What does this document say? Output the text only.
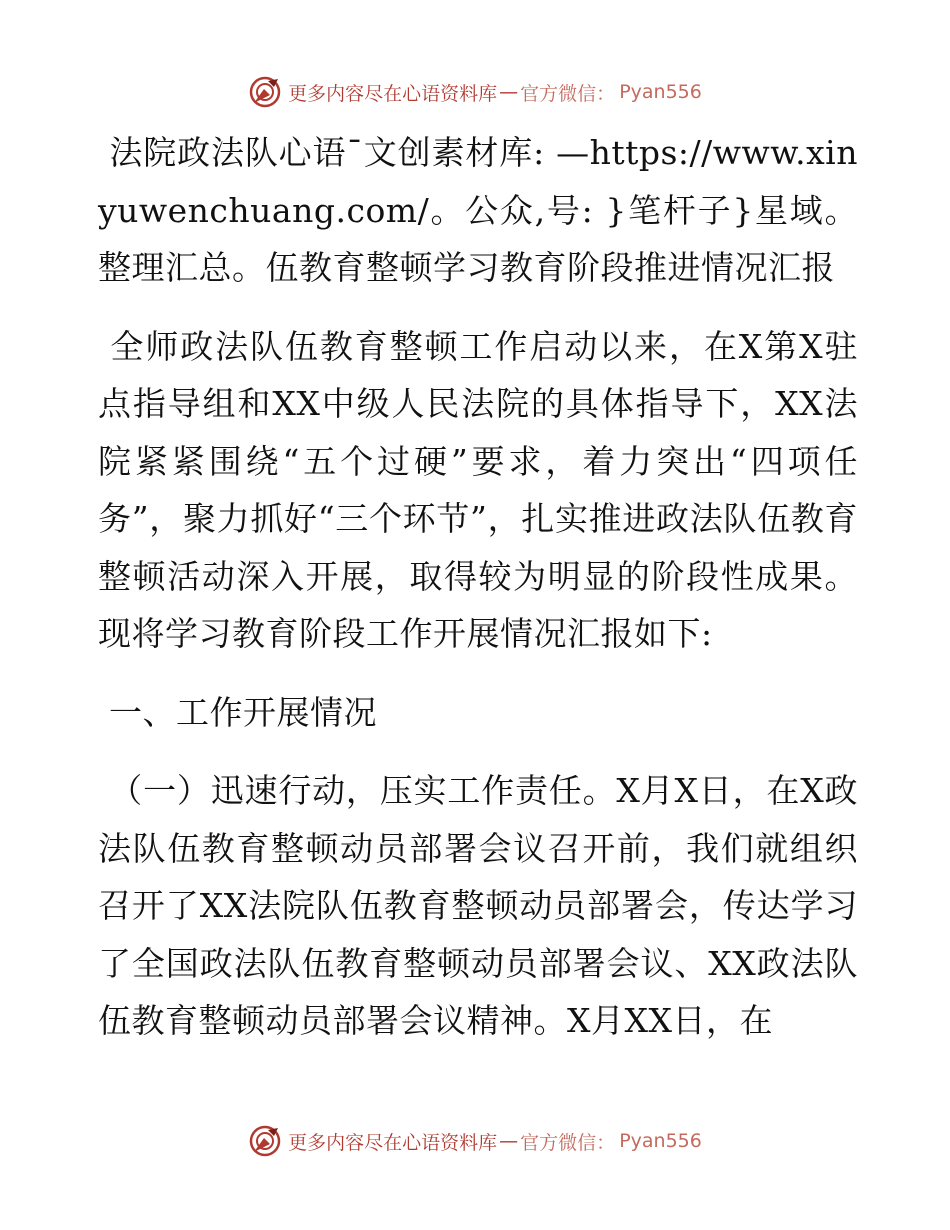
更多内容尽在心语资料库 — 官方微信： Pyan556

法院政法队心语¯文创素材库: —https://www.xinyuwenchuang.com/。公众,号: }笔杆子}星域。整理汇总。伍教育整顿学习教育阶段推进情况汇报

全师政法队伍教育整顿工作启动以来，在X第X驻点指导组和XX中级人民法院的具体指导下，XX法院紧紧围绕“五个过硬”要求，着力突出“四项任务”，聚力抓好“三个环节”，扎实推进政法队伍教育整顿活动深入开展，取得较为明显的阶段性成果。现将学习教育阶段工作开展情况汇报如下:

一、工作开展情况

（一）迅速行动，压实工作责任。X月X日，在X政法队伍教育整顿动员部署会议召开前，我们就组织召开了XX法院队伍教育整顿动员部署会，传达学习了全国政法队伍教育整顿动员部署会议、XX政法队伍教育整顿动员部署会议精神。X月XX日，在

更多内容尽在心语资料库 — 官方微信： Pyan556
